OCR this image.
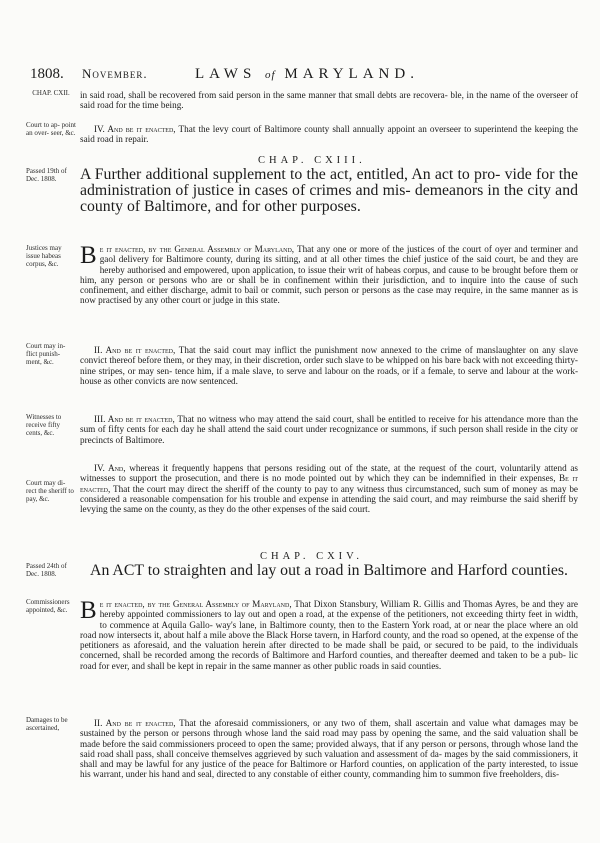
1808. November.	LAWS of MARYLAND.
CHAP. CXII.	in said road, shall be recovered from said person in the same manner that small debts are recovera- ble, in the name of the overseer of said road for the time being.

Court to ap- point an over- seer, &c.	IV. And be it enacted, That the levy court of Baltimore county shall annually appoint an overseer to superintend the keeping the said road in repair.

CHAP. CXIII.
Passed 19th of Dec. 1808.	A Further additional supplement to the act, entitled, An act to pro- vide for the administration of justice in cases of crimes and mis- demeanors in the city and county of Baltimore, and for other purposes.
Justices may issue habeas corpus, &c. Be it enacted, by the General Assembly of Maryland, That any one or more of the justices of the court of oyer and terminer and gaol delivery for Baltimore county, during its sitting, and at all other times the chief justice of the said court, be and they are hereby authorised and empowered, upon application, to issue their writ of habeas corpus, and cause to be brought before them or him, any person or persons who are or shall be in confinement within their jurisdiction, and to inquire into the cause of such confinement, and either discharge, admit to bail or commit, such person or persons as the case may require, in the same manner as is now practised by any other court or judge in this state.

Court may in- flict punish- ment, &c.

II. And be it enacted, That the said court may inflict the punishment now annexed to the crime of manslaughter on any slave convict thereof before them, or they may, in their discretion, order such slave to be whipped on his bare back with not exceeding thirty-nine stripes, or may sen- tence him, if a male slave, to serve and labour on the roads, or if a female, to serve and labour at the work-house as other convicts are now sentenced.

Witnesses to receive fifty cents, &c.

III. And be it enacted, That no witness who may attend the said court, shall be entitled to receive for his attendance more than the sum of fifty cents for each day he shall attend the said court under recognizance or summons, if such person shall reside in the city or precincts of Baltimore.

Court may di- rect the sheriff to pay, &c.

IV. And, whereas it frequently happens that persons residing out of the state, at the request of the court, voluntarily attend as witnesses to support the prosecution, and there is no mode pointed out by which they can be indemnified in their expenses, Be it enacted, That the court may direct the sheriff of the county to pay to any witness thus circumstanced, such sum of money as may be considered a reasonable compensation for his trouble and expense in attending the said court, and may reimburse the said sheriff by levying the same on the county, as they do the other expenses of the said court.

CHAP. CXIV.
Passed 24th of Dec. 1808.	An ACT to straighten and lay out a road in Baltimore and Harford counties.
Commissioners appointed, &c. Be it enacted, by the General Assembly of Maryland, That Dixon Stansbury, William R. Gillis and Thomas Ayres, be and they are hereby appointed commissioners to lay out and open a road, at the expense of the petitioners, not exceeding thirty feet in width, to commence at Aquila Gallo- way's lane, in Baltimore county, then to the Eastern York road, at or near the place where an old road now intersects it, about half a mile above the Black Horse tavern, in Harford county, and the road so opened, at the expense of the petitioners as aforesaid, and the valuation herein after directed to be made shall be paid, or secured to be paid, to the individuals concerned, shall be recorded among the records of Baltimore and Harford counties, and thereafter deemed and taken to be a pub- lic road for ever, and shall be kept in repair in the same manner as other public roads in said counties.

Damages to be ascertained,	II. And be it enacted, That the aforesaid commissioners, or any two of them, shall ascertain and value what damages may be sustained by the person or persons through whose land the said road may pass by opening the same, and the said valuation shall be made before the said commissioners proceed to open the same; provided always, that if any person or persons, through whose land the said road shall pass, shall conceive themselves aggrieved by such valuation and assessment of da- mages by the said commissioners, it shall and may be lawful for any justice of the peace for Baltimore or Harford counties, on application of the party interested, to issue his warrant, under his hand and seal, directed to any constable of either county, commanding him to summon five freeholders, dis-
